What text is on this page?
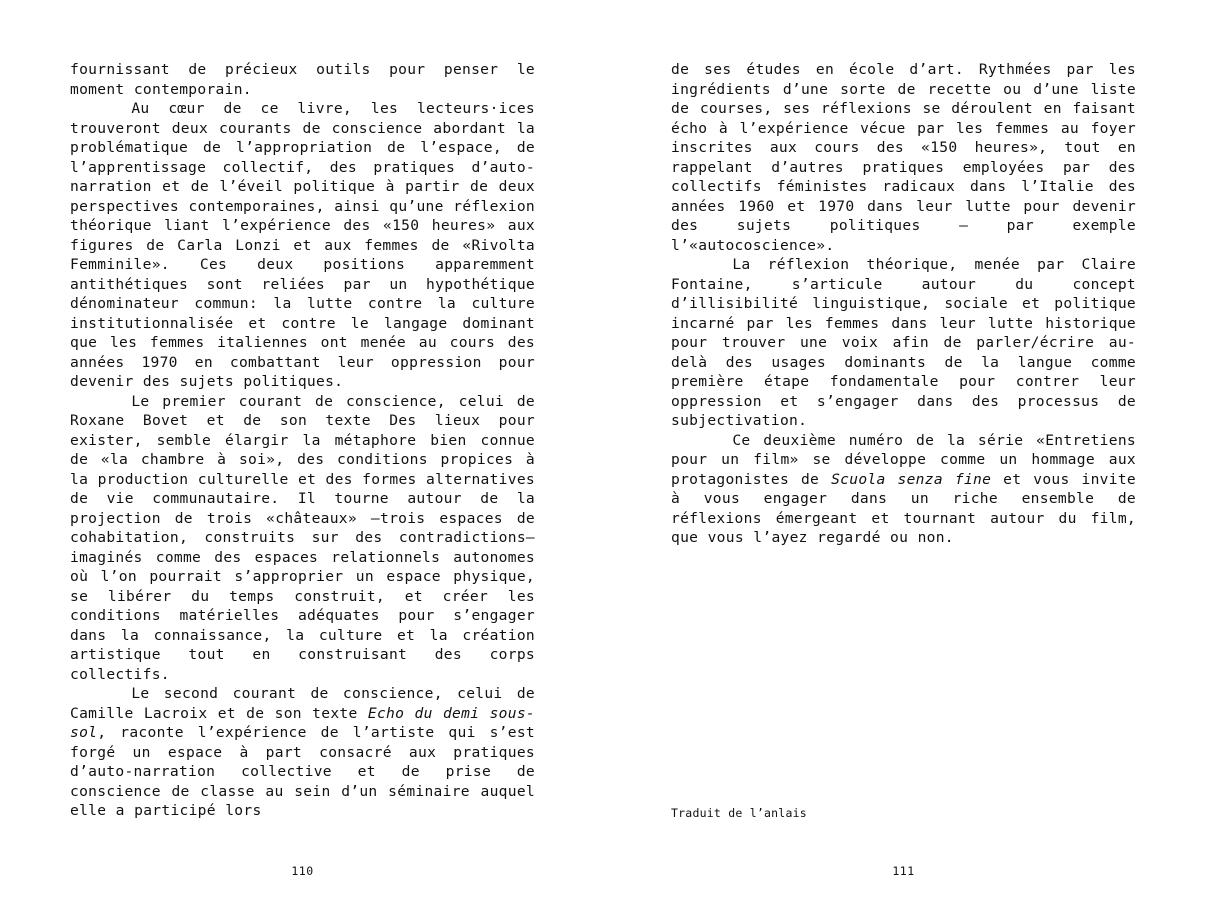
fournissant de précieux outils pour penser le moment contemporain.

Au cœur de ce livre, les lecteurs·ices trouveront deux courants de conscience abordant la problématique de l’appropriation de l’espace, de l’apprentissage collectif, des pratiques d’auto-narration et de l’éveil politique à partir de deux perspectives contemporaines, ainsi qu’une réflexion théorique liant l’expérience des «150 heures» aux figures de Carla Lonzi et aux femmes de «Rivolta Femminile». Ces deux positions apparemment antithétiques sont reliées par un hypothétique dénominateur commun: la lutte contre la culture institutionnalisée et contre le langage dominant que les femmes italiennes ont menée au cours des années 1970 en combattant leur oppression pour devenir des sujets politiques.

Le premier courant de conscience, celui de Roxane Bovet et de son texte Des lieux pour exister, semble élargir la métaphore bien connue de «la chambre à soi», des conditions propices à la production culturelle et des formes alternatives de vie communautaire. Il tourne autour de la projection de trois «châteaux» –trois espaces de cohabitation, construits sur des contradictions– imaginés comme des espaces relationnels autonomes où l’on pourrait s’approprier un espace physique, se libérer du temps construit, et créer les conditions matérielles adéquates pour s’engager dans la connaissance, la culture et la création artistique tout en construisant des corps collectifs.

Le second courant de conscience, celui de Camille Lacroix et de son texte Echo du demi sous-sol, raconte l’expérience de l’artiste qui s’est forgé un espace à part consacré aux pratiques d’auto-narration collective et de prise de conscience de classe au sein d’un séminaire auquel elle a participé lors

de ses études en école d’art. Rythmées par les ingrédients d’une sorte de recette ou d’une liste de courses, ses réflexions se déroulent en faisant écho à l’expérience vécue par les femmes au foyer inscrites aux cours des «150 heures», tout en rappelant d’autres pratiques employées par des collectifs féministes radicaux dans l’Italie des années 1960 et 1970 dans leur lutte pour devenir des sujets politiques – par exemple l’«autocoscience».

La réflexion théorique, menée par Claire Fontaine, s’articule autour du concept d’illisibilité linguistique, sociale et politique incarné par les femmes dans leur lutte historique pour trouver une voix afin de parler/écrire au-delà des usages dominants de la langue comme première étape fondamentale pour contrer leur oppression et s’engager dans des processus de subjectivation.

Ce deuxième numéro de la série «Entretiens pour un film» se développe comme un hommage aux protagonistes de Scuola senza fine et vous invite à vous engager dans un riche ensemble de réflexions émergeant et tournant autour du film, que vous l’ayez regardé ou non.

Traduit de l’anlais
110	111
